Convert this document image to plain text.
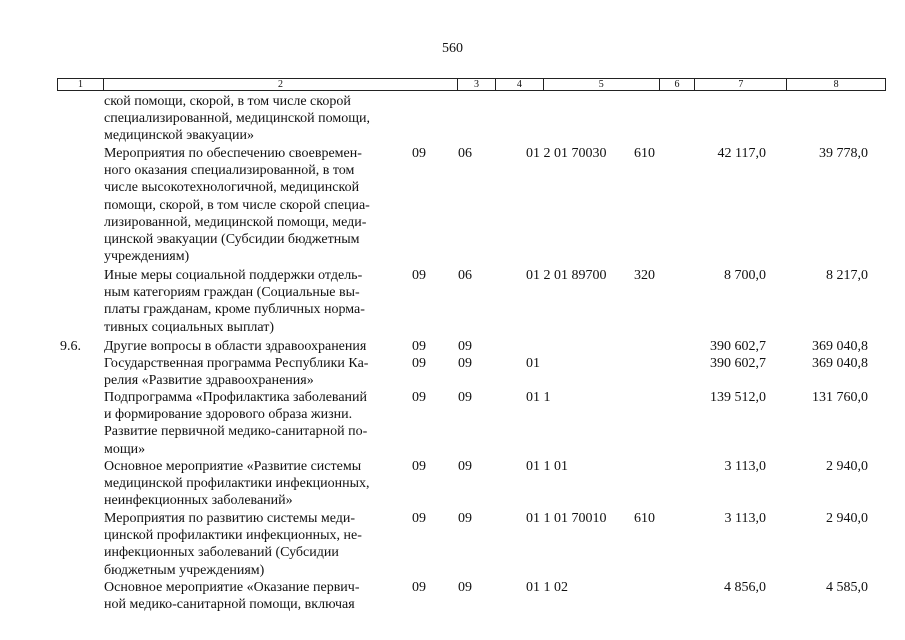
560
1	2	3	4	5	6	7	8
ской помощи, скорой, в том числе скорой
специализированной, медицинской помощи,
медицинской эвакуации»
Мероприятия по обеспечению своевремен-
ного оказания специализированной, в том
числе высокотехнологичной, медицинской
помощи, скорой, в том числе скорой специа-
лизированной, медицинской помощи, меди-
цинской эвакуации (Субсидии бюджетным
учреждениям)
09 06	01 2 01 70030 610	42 117,0	39 778,0
Иные меры социальной поддержки отдель-
ным категориям граждан (Социальные вы-
платы гражданам, кроме публичных норма-
тивных социальных выплат)
09 06	01 2 01 89700 320	8 700,0	8 217,0
9.6. Другие вопросы в области здравоохранения	09 09	390 602,7	369 040,8
Государственная программа Республики Ка-
релия «Развитие здравоохранения»
09 09	01	390 602,7	369 040,8
Подпрограмма «Профилактика заболеваний
и формирование здорового образа жизни.
Развитие первичной медико-санитарной по-
мощи»
09 09	01 1	139 512,0	131 760,0
Основное мероприятие «Развитие системы
медицинской профилактики инфекционных,
неинфекционных заболеваний»
09 09	01 1 01	3 113,0	2 940,0
Мероприятия по развитию системы меди-
цинской профилактики инфекционных, не-
инфекционных заболеваний (Субсидии
бюджетным учреждениям)
09 09	01 1 01 70010 610	3 113,0	2 940,0
Основное мероприятие «Оказание первич-
ной медико-санитарной помощи, включая
09 09	01 1 02	4 856,0	4 585,0
